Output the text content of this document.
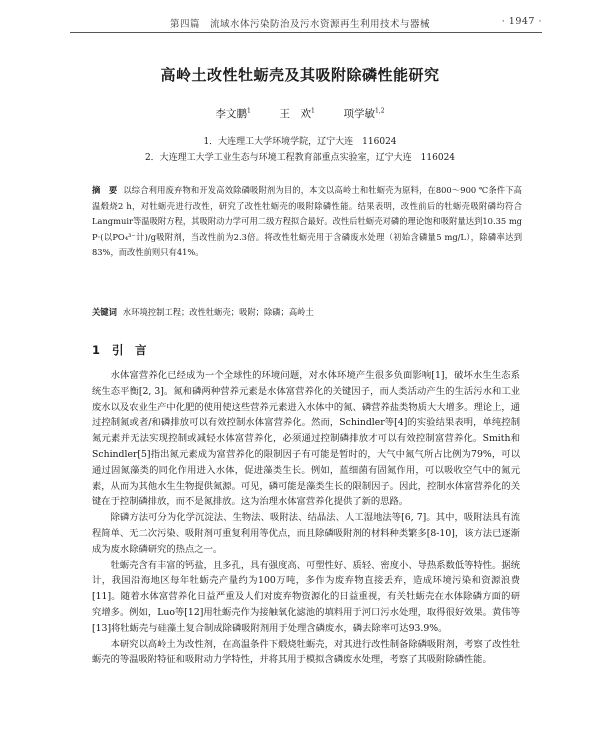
第四篇　流域水体污染防治及污水资源再生利用技术与器械	· 1947 ·
高岭土改性牡蛎壳及其吸附除磷性能研究
李文鹏$^1$	王　欢$^1$	项学敏$^{1,2}$
1．大连理工大学环境学院，辽宁大连　116024
2．大连理工大学工业生态与环境工程教育部重点实验室，辽宁大连　116024
摘　要 以综合利用废弃物和开发高效除磷吸附剂为目的，本文以高岭土和牡蛎壳为原料，在800～900 ℃条件下高温煅烧2 h，对牡蛎壳进行改性，研究了改性牡蛎壳的吸附除磷性能。结果表明，改性前后的牡蛎壳吸附磷均符合Langmuir等温吸附方程，其吸附动力学可用二级方程拟合最好。改性后牡蛎壳对磷的理论饱和吸附量达到10.35 mg P·(以PO₄³⁻计)/g吸附剂，当改性前为2.3倍。将改性牡蛎壳用于含磷废水处理（初始含磷量5 mg/L），除磷率达到83%，而改性前则只有41%。
关键词 水环境控制工程；改性牡蛎壳；吸附；除磷；高岭土
1 引　言

水体富营养化已经成为一个全球性的环境问题，对水体环境产生很多负面影响[1]，破坏水生生态系统生态平衡[2, 3]。氮和磷两种营养元素是水体富营养化的关键因子，而人类活动产生的生活污水和工业废水以及农业生产中化肥的使用使这些营养元素进入水体中的氮、磷营养盐类物质大大增多。理论上，通过控制氮或者/和磷排放可以有效控制水体富营养化。然而，Schindler等[4]的实验结果表明，单纯控制氮元素并无法实现控制或减轻水体富营养化，必须通过控制磷排放才可以有效控制富营养化。Smith和Schindler[5]指出氮元素成为富营养化的限制因子有可能是暂时的，大气中氮气所占比例为79%，可以通过固氮藻类的同化作用进入水体，促进藻类生长。例如，蓝细菌有固氮作用，可以吸收空气中的氮元素，从而为其他水生生物提供氮源。可见，磷可能是藻类生长的限制因子。因此，控制水体富营养化的关键在于控制磷排放，而不是氮排放。这为治理水体富营养化提供了新的思路。

除磷方法可分为化学沉淀法、生物法、吸附法、结晶法、人工湿地法等[6, 7]。其中，吸附法具有流程简单、无二次污染、吸附剂可重复利用等优点，而且除磷吸附剂的材料种类繁多[8-10]，该方法已逐渐成为废水除磷研究的热点之一。

牡蛎壳含有丰富的钙盐，且多孔，具有强度高、可塑性好、质轻、密度小、导热系数低等特性。据统计，我国沿海地区每年牡蛎壳产量约为100万吨，多作为废弃物直接丢弃，造成环境污染和资源浪费[11]。随着水体富营养化日益严重及人们对废弃物资源化的日益重视，有关牡蛎壳在水体除磷方面的研究增多。例如，Luo等[12]用牡蛎壳作为接触氧化滤池的填料用于河口污水处理，取得很好效果。黄伟等[13]将牡蛎壳与硅藻土复合制成除磷吸附剂用于处理含磷废水，磷去除率可达93.9%。

本研究以高岭土为改性剂，在高温条件下煅烧牡蛎壳，对其进行改性制备除磷吸附剂，考察了改性牡蛎壳的等温吸附特征和吸附动力学特性，并将其用于模拟含磷废水处理，考察了其吸附除磷性能。
